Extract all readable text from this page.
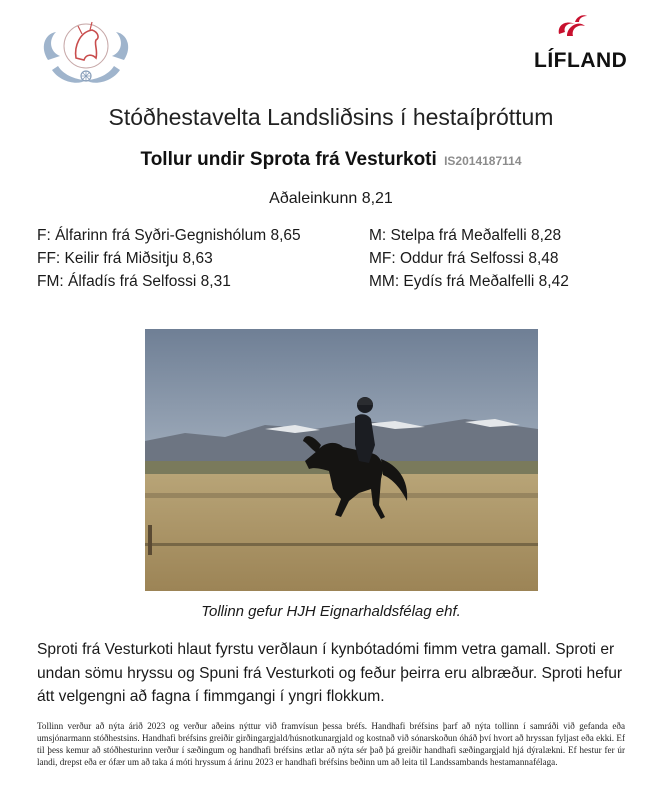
LÍFLAND
Stóðhestavelta Landsliðsins í hestaíþróttum
Tollur undir Sprota frá Vesturkoti IS2014187114
Aðaleinkunn 8,21
F: Álfarinn frá Syðri-Gegnishólum 8,65	M: Stelpa frá Meðalfelli 8,28
FF: Keilir frá Miðsitju 8,63	MF: Oddur frá Selfossi 8,48
FM: Álfadís frá Selfossi 8,31	MM: Eydís frá Meðalfelli 8,42
Tollinn gefur HJH Eignarhaldsfélag ehf.
Sproti frá Vesturkoti hlaut fyrstu verðlaun í kynbótadómi fimm vetra gamall. Sproti er undan sömu hryssu og Spuni frá Vesturkoti og feður þeirra eru albræður. Sproti hefur átt velgengni að fagna í fimmgangi í yngri flokkum.
Tollinn verður að nýta árið 2023 og verður aðeins nýttur við framvísun þessa bréfs. Handhafi bréfsins þarf að nýta tollinn í samráði við gefanda eða umsjónarmann stóðhestsins. Handhafi bréfsins greiðir girðingargjald/húsnotkunargjald og kostnað við sónarskoðun óháð því hvort að hryssan fyljast eða ekki. Ef til þess kemur að stóðhesturinn verður í sæðingum og handhafi bréfsins ætlar að nýta sér það þá greiðir handhafi sæðingargjald hjá dýralækni. Ef hestur fer úr landi, drepst eða er ófær um að taka á móti hryssum á árinu 2023 er handhafi bréfsins beðinn um að leita til Landssambands hestamannafélaga.
